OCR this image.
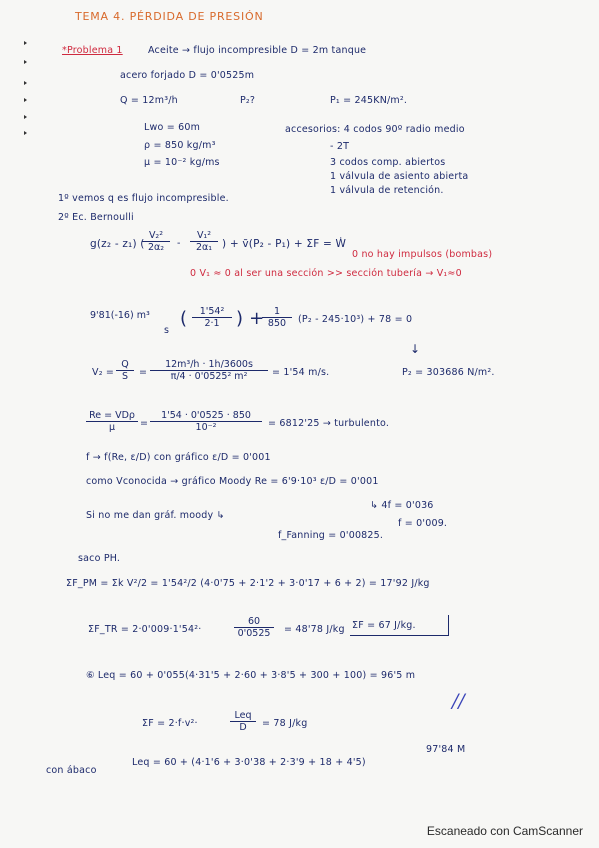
TEMA 4. PÉRDIDA DE PRESIÓN
*Problema 1	Aceite → flujo incompresible D = 2m tanque
acero forjado D = 0'0525m
Q = 12m³/h	P₂?	P₁ = 245KN/m².
Lwo = 60m
ρ = 850 kg/m³
μ = 10⁻² kg/ms
accesorios: 4 codos 90º radio medio
- 2T
3 codos comp. abiertos
1 válvula de asiento abierta
1 válvula de retención.
1º vemos q es flujo incompresible.
2º Ec. Bernoulli
g(z₂ - z₁) (
$\frac{\text{V₂²}}{\text{2α₂}} - \frac{\text{V₁²}}{\text{2α₁}}$ ) + ṽ(P₂ - P₁) + ΣF = Ẇ
0 no hay impulsos (bombas)
0 V₁ ≈ 0 al ser una sección >> sección tubería → V₁≈0
9'81(-16) m³
s
( $\frac{\text{1'54²}}{2\cdot 1}$ ) +
$\frac{1}{850} (P_2 - 245\cdot 10^3) + 78 = 0$
↓
$V_2 = \frac{Q}{S} = \frac{\text{12m³/h · 1h/3600s}}{\text{π/4 · 0'0525² m²}} = 1'54$ m/s.	P₂ = 303686 N/m².
Re = VDρ
μ	= $\frac{1'54 \cdot 0'0525 \cdot 850}{\text{10⁻²}} = 6812'25$ → turbulento.
f → f(Re, ε/D) con gráfico ε/D = 0'001
como Vconocida → gráfico Moody Re = 6'9·10³ ε/D = 0'001
↳ 4f = 0'036
Si no me dan gráf. moody ↳
f_Fanning = 0'00825.
f = 0'009.
saco PH.
ΣF_PM = Σk V²/2 = 1'54²/2 (4·0'75 + 2·1'2 + 3·0'17 + 6 + 2) = 17'92 J/kg
ΣF_TR = 2·0'009·1'54²·	$\frac{60}{0'0525} = 48'78$ J/kg ΣF = 67 J/kg.
⑥ Leq = 60 + 0'055(4·31'5 + 2·60 + 3·8'5 + 300 + 100) = 96'5 m
ΣF = 2·f·v²·
Leq
D	= 78 J/kg
//
con ábaco
Leq = 60 + (4·1'6 + 3·0'38 + 2·3'9 + 18 + 4'5)
97'84 M
Escaneado con CamScanner
